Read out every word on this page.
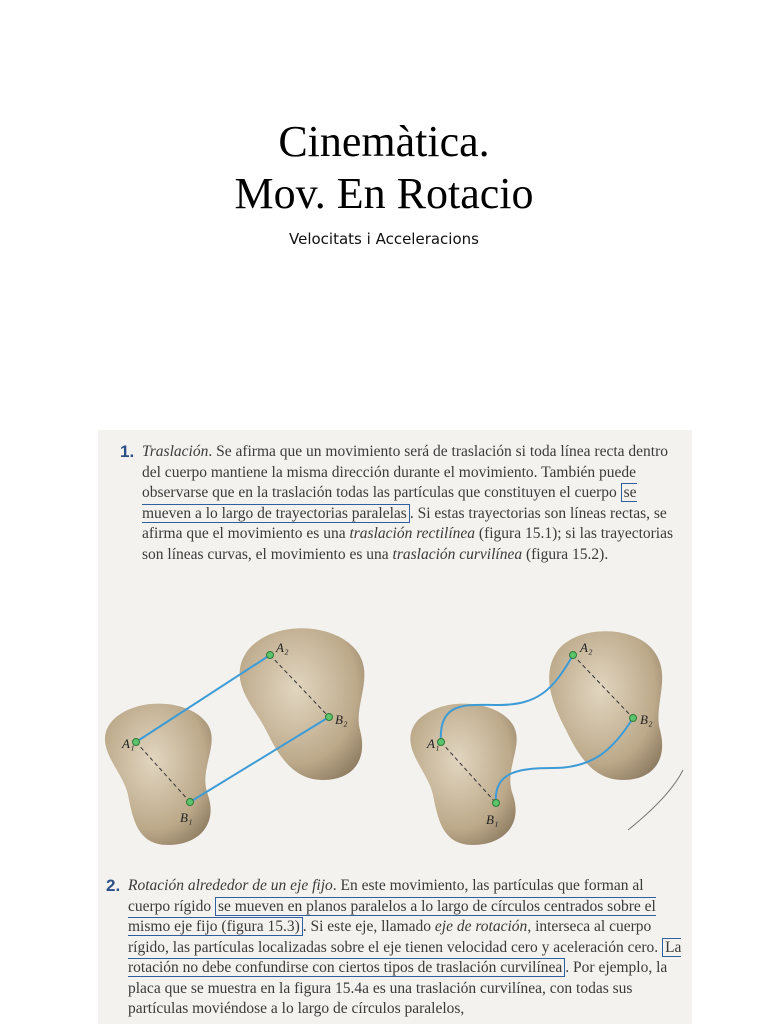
Cinemàtica.
Mov. En Rotacio
Velocitats i Acceleracions
1. Traslación. Se afirma que un movimiento será de traslación si toda línea recta dentro del cuerpo mantiene la misma dirección durante el movimiento. También puede observarse que en la traslación todas las partículas que constituyen el cuerpo se mueven a lo largo de trayectorias paralelas . Si estas trayectorias son líneas rectas, se afirma que el movimiento es una traslación rectilínea (figura 15.1); si las trayectorias son líneas curvas, el movimiento es una traslación curvilínea (figura 15.2).
A₁
A₂
B₁
B₂
A₁
A₂
B₁
B₂
2. Rotación alrededor de un eje fijo. En este movimiento, las partículas que forman al cuerpo rígido se mueven en planos paralelos a lo largo de círculos centrados sobre el mismo eje fijo (figura 15.3) . Si este eje, llamado eje de rotación, interseca al cuerpo rígido, las partículas localizadas sobre el eje tienen velocidad cero y aceleración cero. La rotación no debe confundirse con ciertos tipos de traslación curvilínea . Por ejemplo, la placa que se muestra en la figura 15.4a es una traslación curvilínea, con todas sus partículas moviéndose a lo largo de círculos paralelos,
